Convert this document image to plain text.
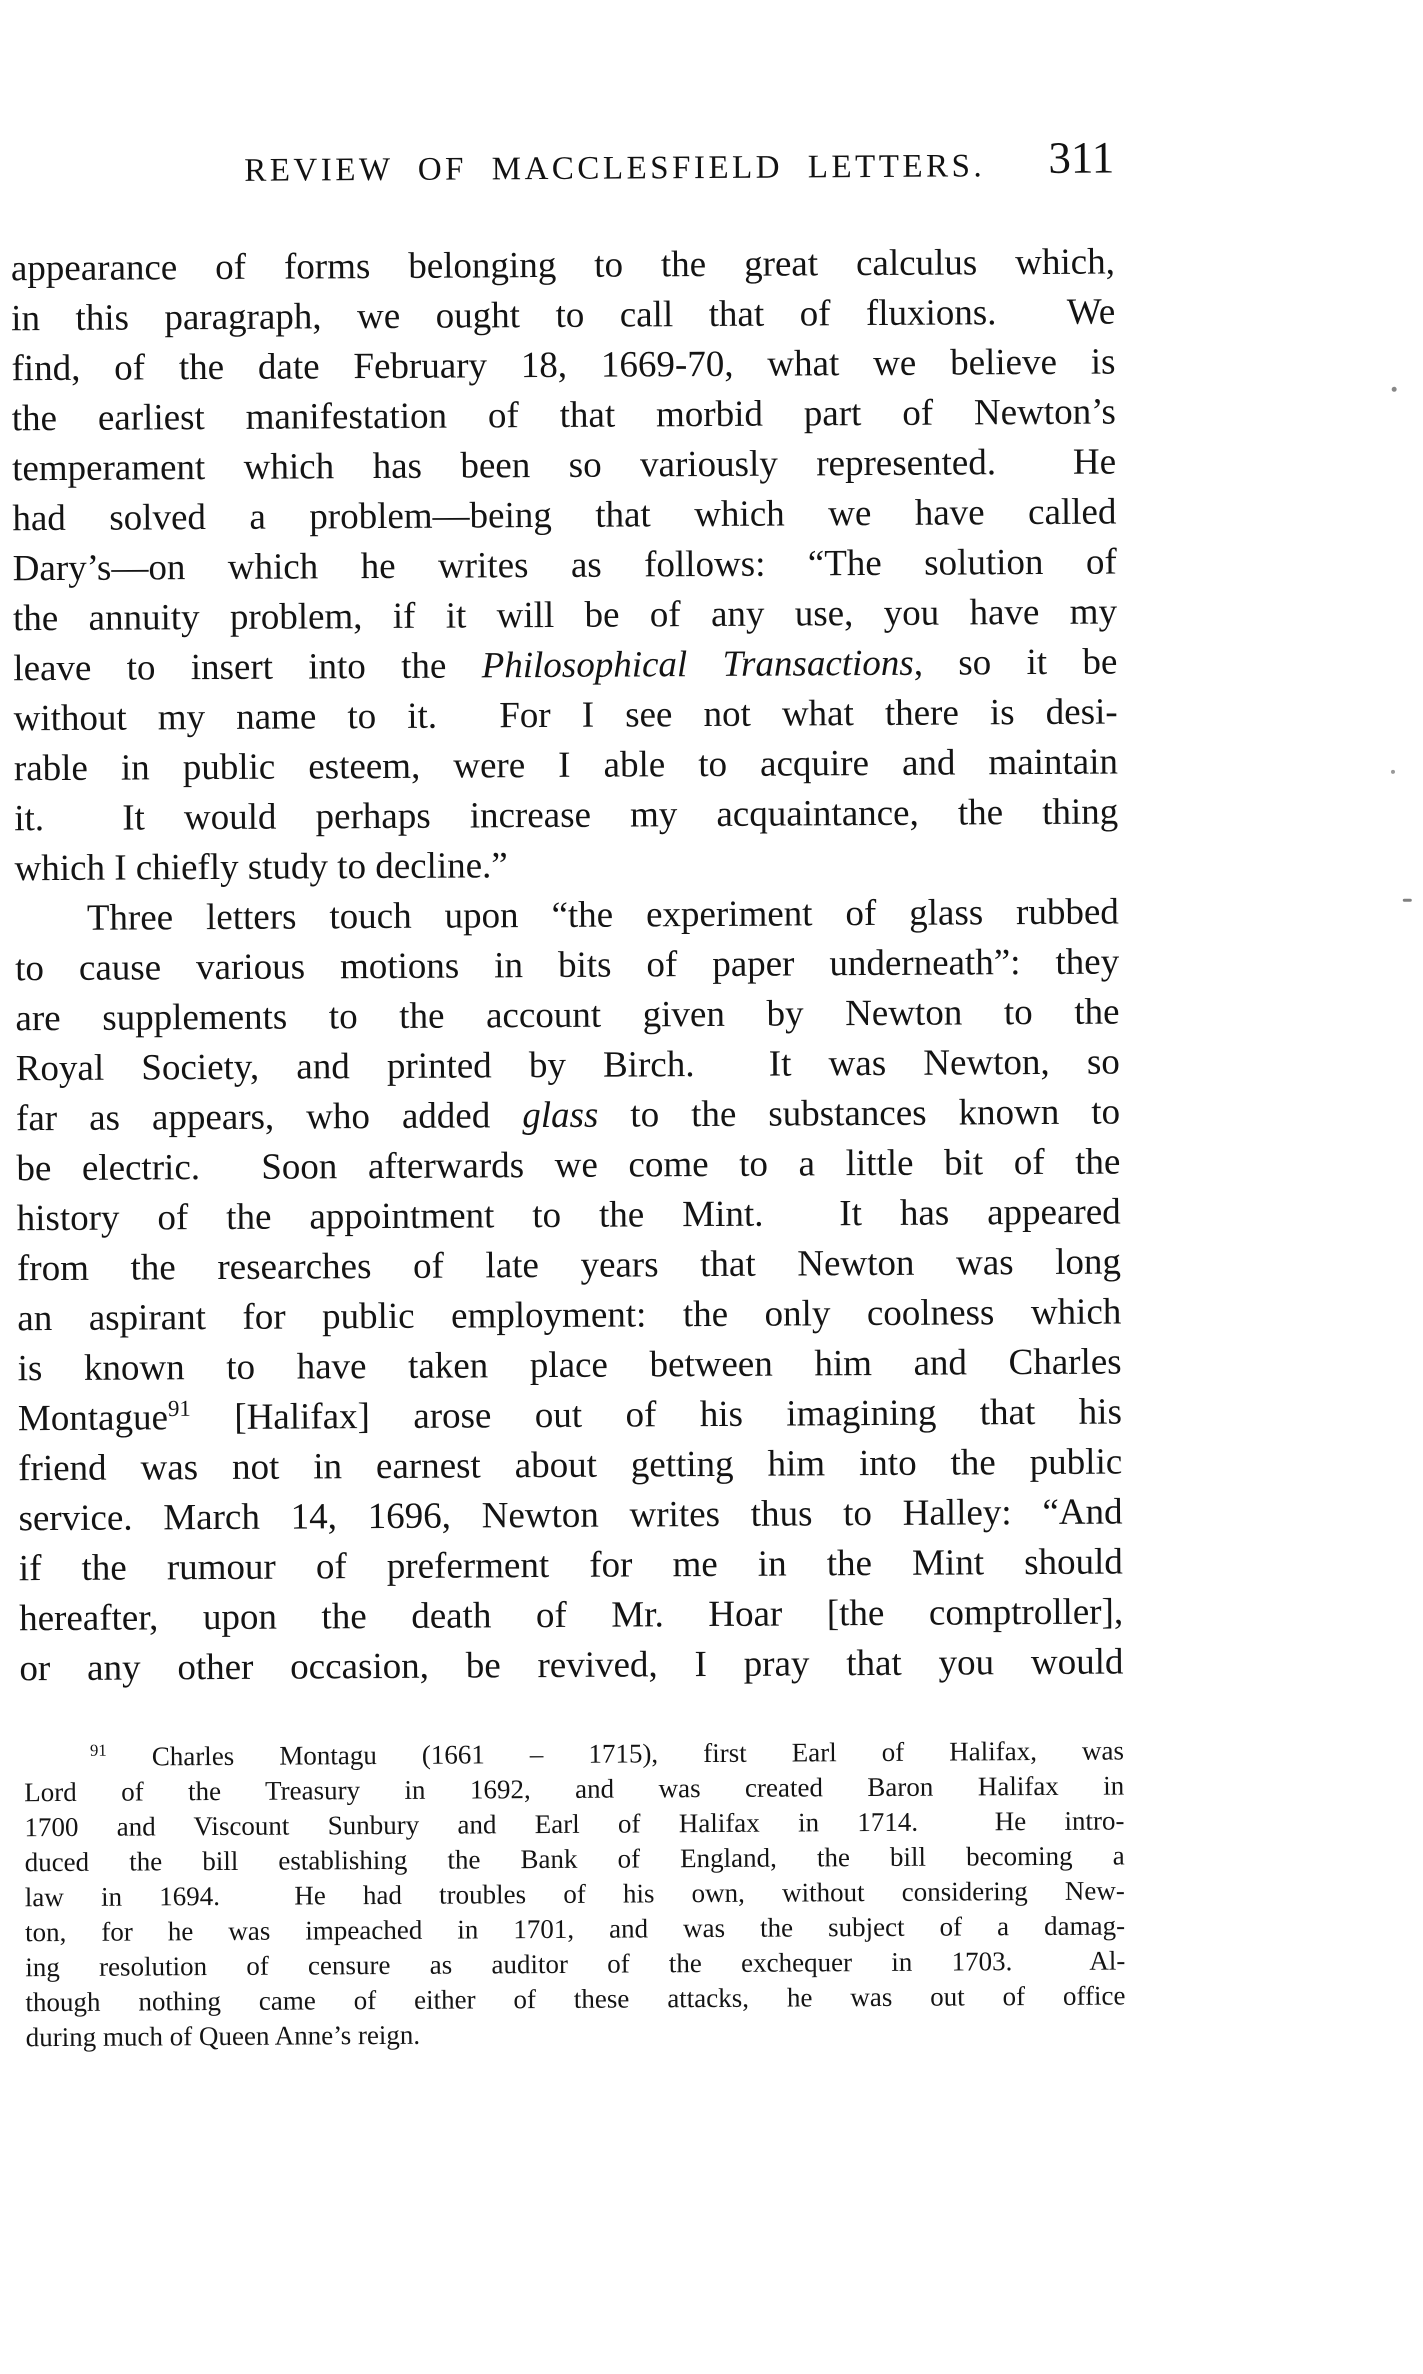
REVIEW OF MACCLESFIELD LETTERS.	311
appearance of forms belonging to the great calculus which,
in this paragraph, we ought to call that of fluxions.  We
find, of the date February 18, 1669-70, what we believe is
the earliest manifestation of that morbid part of Newton’s
temperament which has been so variously represented.  He
had solved a problem—being that which we have called
Dary’s—on which he writes as follows: “The solution of
the annuity problem, if it will be of any use, you have my
leave to insert into the Philosophical Transactions, so it be
without my name to it.  For I see not what there is desi-
rable in public esteem, were I able to acquire and maintain
it.  It would perhaps increase my acquaintance, the thing
which I chiefly study to decline.”
Three letters touch upon “the experiment of glass rubbed
to cause various motions in bits of paper underneath”: they
are supplements to the account given by Newton to the
Royal Society, and printed by Birch.  It was Newton, so
far as appears, who added glass to the substances known to
be electric.  Soon afterwards we come to a little bit of the
history of the appointment to the Mint.  It has appeared
from the researches of late years that Newton was long
an aspirant for public employment: the only coolness which
is known to have taken place between him and Charles
Montague$^{91}$ [Halifax] arose out of his imagining that his
friend was not in earnest about getting him into the public
service. March 14, 1696, Newton writes thus to Halley: “And
if the rumour of preferment for me in the Mint should
hereafter, upon the death of Mr. Hoar [the comptroller],
or any other occasion, be revived, I pray that you would
$^{91}$ Charles Montagu (1661 – 1715), first Earl of Halifax, was
Lord of the Treasury in 1692, and was created Baron Halifax in
1700 and Viscount Sunbury and Earl of Halifax in 1714.  He intro-
duced the bill establishing the Bank of England, the bill becoming a
law in 1694.  He had troubles of his own, without considering New-
ton, for he was impeached in 1701, and was the subject of a damag-
ing resolution of censure as auditor of the exchequer in 1703.  Al-
though nothing came of either of these attacks, he was out of office
during much of Queen Anne’s reign.
